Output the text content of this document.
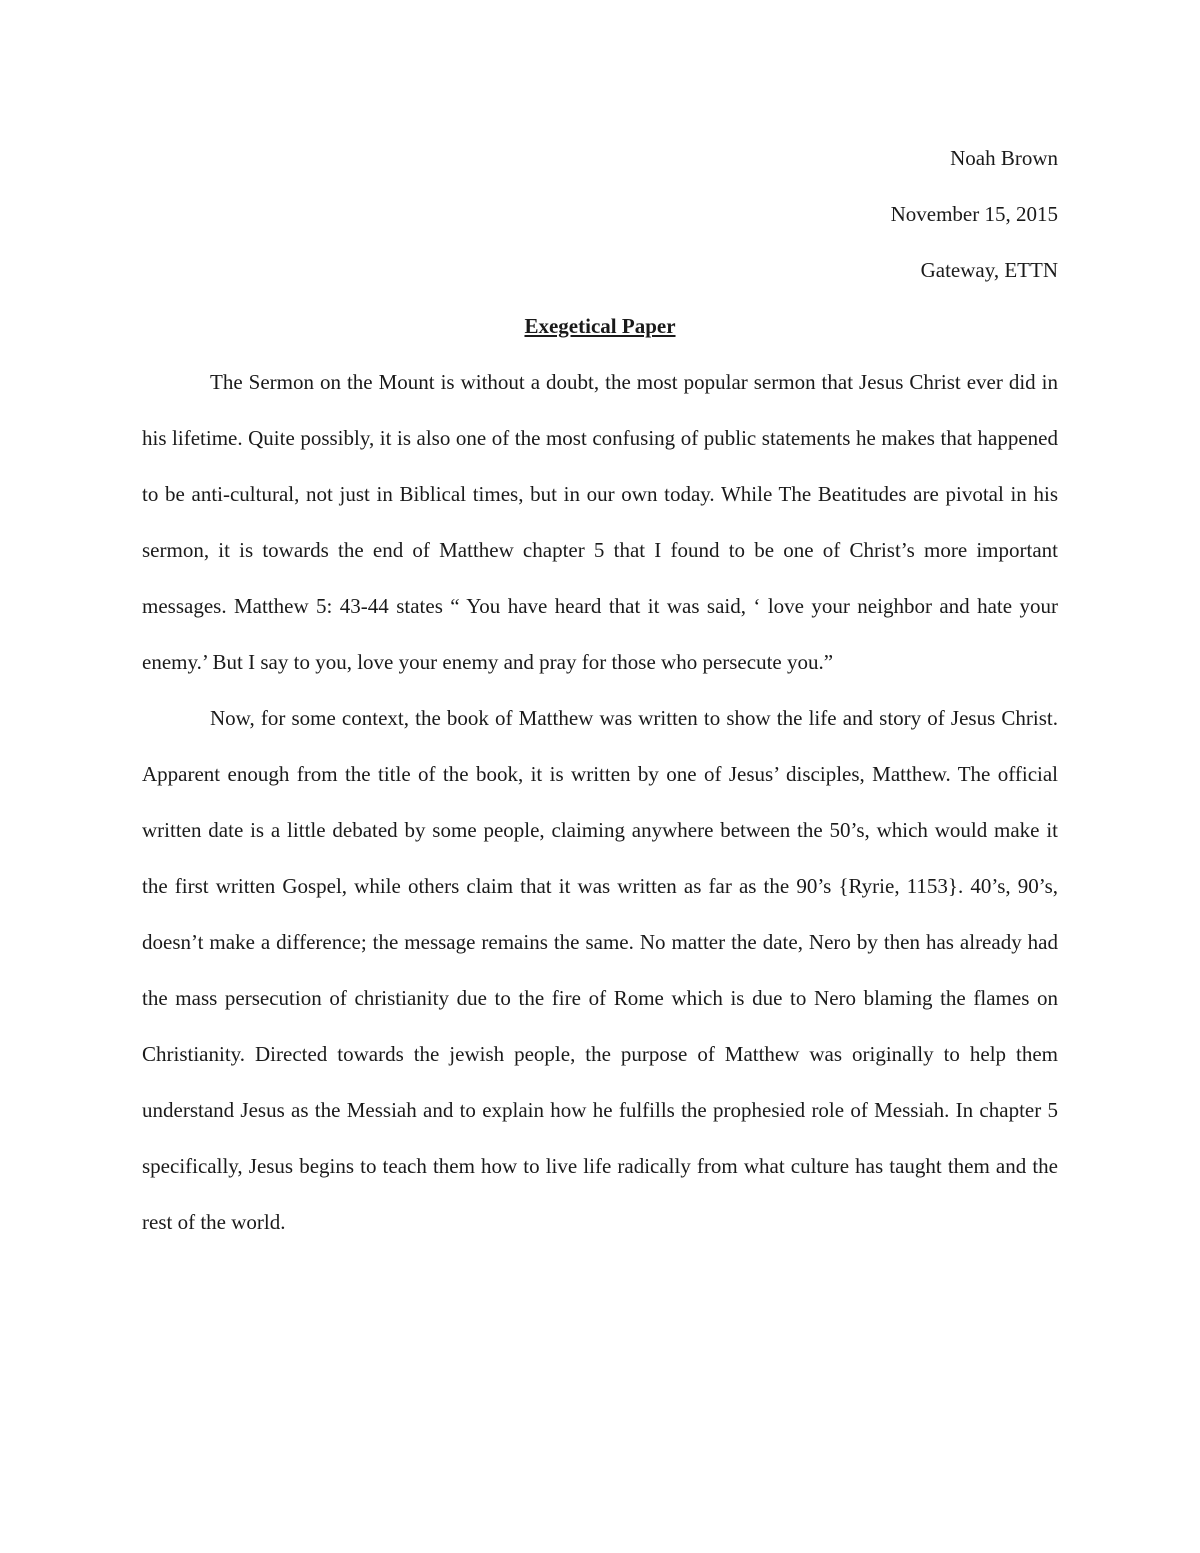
Noah Brown

November 15, 2015

Gateway, ETTN

Exegetical Paper

The Sermon on the Mount is without a doubt, the most popular sermon that Jesus Christ ever did in his lifetime. Quite possibly, it is also one of the most confusing of public statements he makes that happened to be anti-cultural, not just in Biblical times, but in our own today. While The Beatitudes are pivotal in his sermon, it is towards the end of Matthew chapter 5 that I found to be one of Christ’s more important messages. Matthew 5: 43-44 states “ You have heard that it was said, ‘ love your neighbor and hate your enemy.’ But I say to you, love your enemy and pray for those who persecute you.”

Now, for some context, the book of Matthew was written to show the life and story of Jesus Christ. Apparent enough from the title of the book, it is written by one of Jesus’ disciples, Matthew. The official written date is a little debated by some people, claiming anywhere between the 50’s, which would make it the first written Gospel, while others claim that it was written as far as the 90’s {Ryrie, 1153}. 40’s, 90’s, doesn’t make a difference; the message remains the same. No matter the date, Nero by then has already had the mass persecution of christianity due to the fire of Rome which is due to Nero blaming the flames on Christianity. Directed towards the jewish people, the purpose of Matthew was originally to help them understand Jesus as the Messiah and to explain how he fulfills the prophesied role of Messiah. In chapter 5 specifically, Jesus begins to teach them how to live life radically from what culture has taught them and the rest of the world.
